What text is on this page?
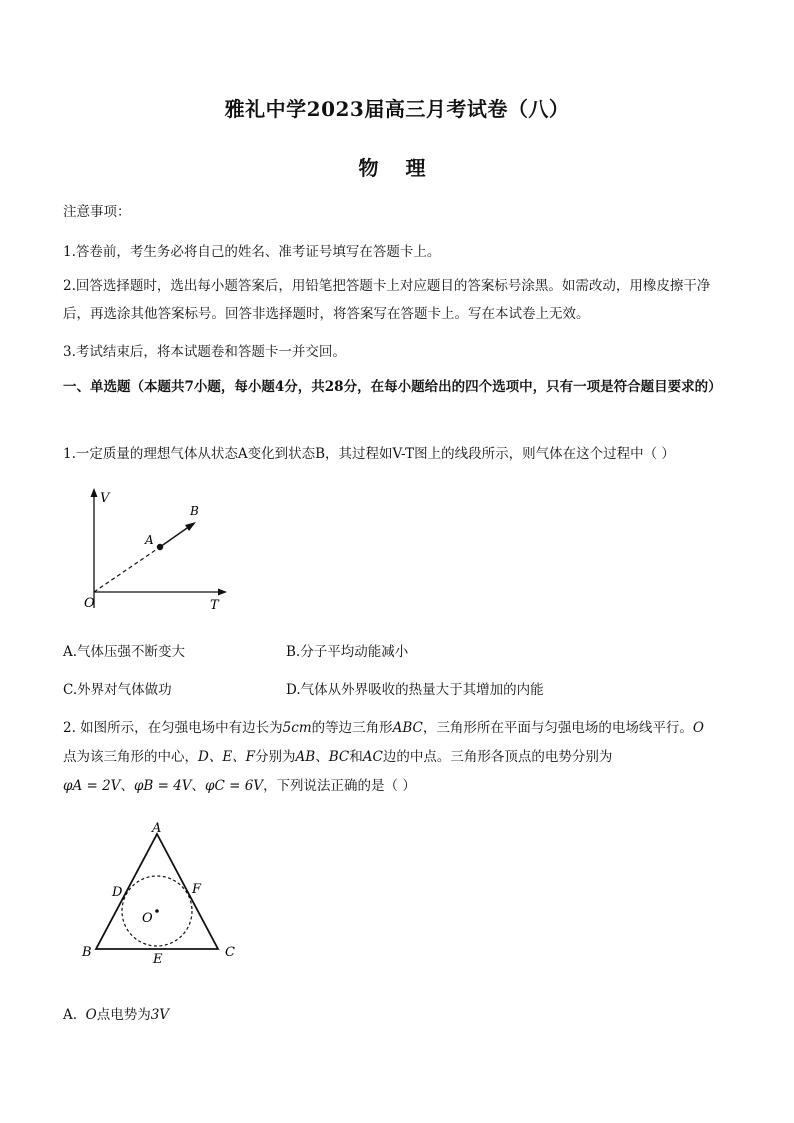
雅礼中学2023届高三月考试卷（八）
物 理
注意事项：
1.答卷前，考生务必将自己的姓名、准考证号填写在答题卡上。
2.回答选择题时，选出每小题答案后，用铅笔把答题卡上对应题目的答案标号涂黑。如需改动，用橡皮擦干净后，再选涂其他答案标号。回答非选择题时，将答案写在答题卡上。写在本试卷上无效。
3.考试结束后，将本试题卷和答题卡一并交回。
一、单选题（本题共7小题，每小题4分，共28分，在每小题给出的四个选项中，只有一项是符合题目要求的）
1.一定质量的理想气体从状态A变化到状态B，其过程如V-T图上的线段所示，则气体在这个过程中（ ）
V
T
O
A
B
A.气体压强不断变大	B.分子平均动能减小
C.外界对气体做功	D.气体从外界吸收的热量大于其增加的内能
2. 如图所示，在匀强电场中有边长为5cm的等边三角形ABC，三角形所在平面与匀强电场的电场线平行。O
点为该三角形的中心，D、E、F分别为AB、BC和AC边的中点。三角形各顶点的电势分别为
φA = 2V、φB = 4V、φC = 6V，下列说法正确的是（ ）
A
B	C
D
E
F
O
A. O点电势为3V
